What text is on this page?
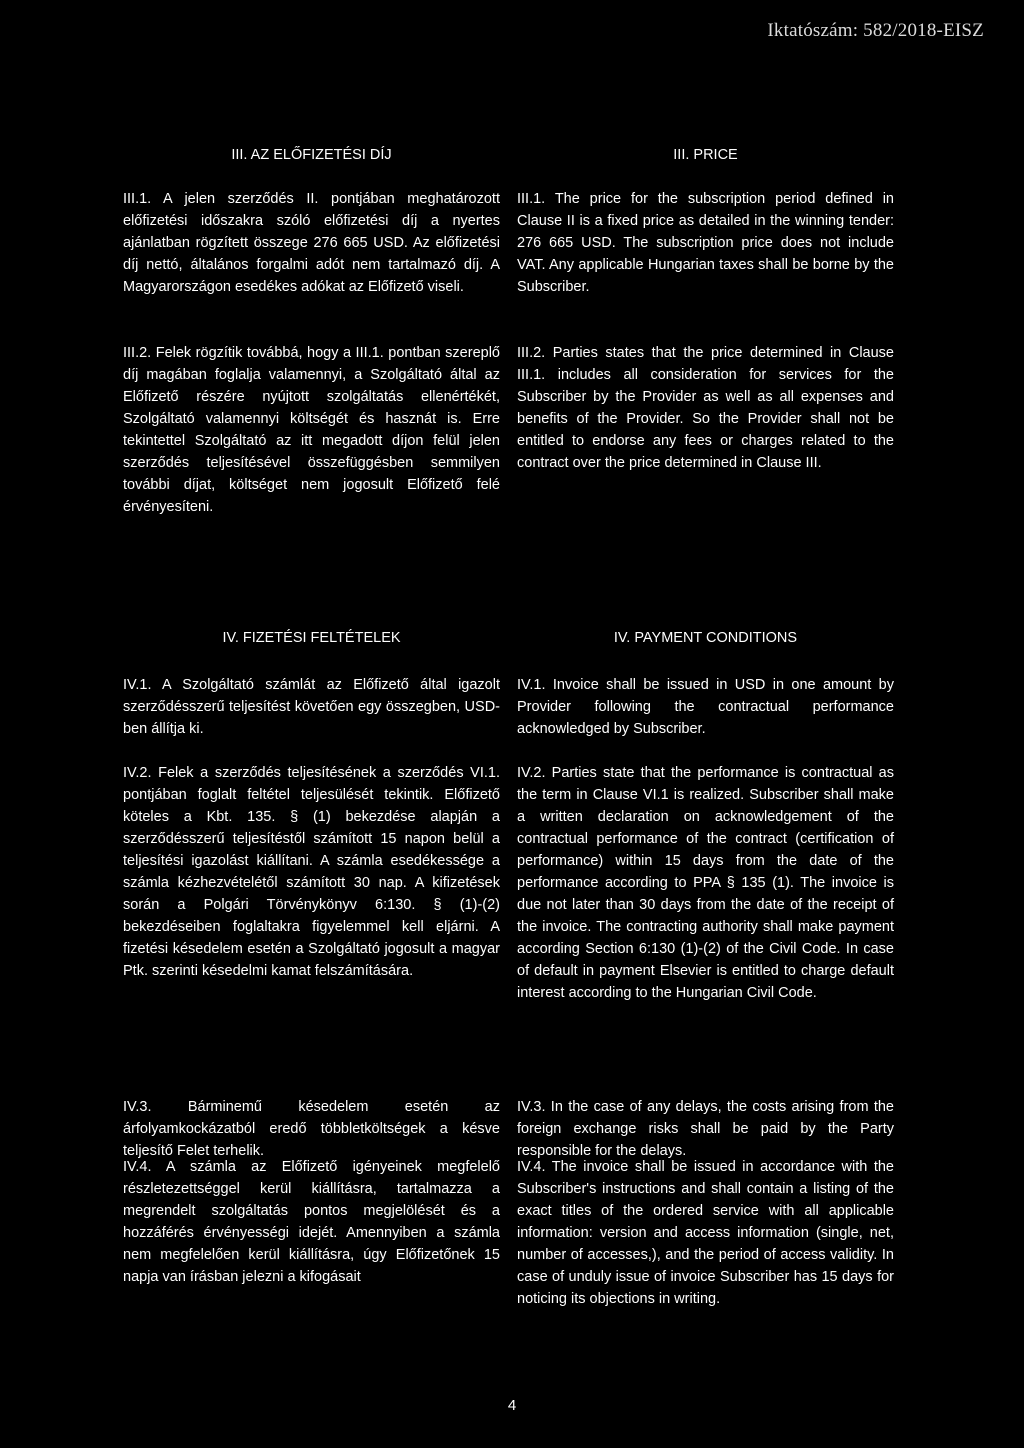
Iktatószám: 582/2018-EISZ
III. AZ ELŐFIZETÉSI DÍJ	III. PRICE
III.1. A jelen szerződés II. pontjában meghatározott előfizetési időszakra szóló előfizetési díj a nyertes ajánlatban rögzített összege 276 665 USD. Az előfizetési díj nettó, általános forgalmi adót nem tartalmazó díj. A Magyarországon esedékes adókat az Előfizető viseli.
III.1. The price for the subscription period defined in Clause II is a fixed price as detailed in the winning tender: 276 665 USD. The subscription price does not include VAT. Any applicable Hungarian taxes shall be borne by the Subscriber.
III.2. Felek rögzítik továbbá, hogy a III.1. pontban szereplő díj magában foglalja valamennyi, a Szolgáltató által az Előfizető részére nyújtott szolgáltatás ellenértékét, Szolgáltató valamennyi költségét és hasznát is. Erre tekintettel Szolgáltató az itt megadott díjon felül jelen szerződés teljesítésével összefüggésben semmilyen további díjat, költséget nem jogosult Előfizető felé érvényesíteni.
III.2. Parties states that the price determined in Clause III.1. includes all consideration for services for the Subscriber by the Provider as well as all expenses and benefits of the Provider. So the Provider shall not be entitled to endorse any fees or charges related to the contract over the price determined in Clause III.
IV. FIZETÉSI FELTÉTELEK	IV. PAYMENT CONDITIONS
IV.1. A Szolgáltató számlát az Előfizető által igazolt szerződésszerű teljesítést követően egy összegben, USD-ben állítja ki.
IV.1. Invoice shall be issued in USD in one amount by Provider following the contractual performance acknowledged by Subscriber.
IV.2. Felek a szerződés teljesítésének a szerződés VI.1. pontjában foglalt feltétel teljesülését tekintik. Előfizető köteles a Kbt. 135. § (1) bekezdése alapján a szerződésszerű teljesítéstől számított 15 napon belül a teljesítési igazolást kiállítani. A számla esedékessége a számla kézhezvételétől számított 30 nap. A kifizetések során a Polgári Törvénykönyv 6:130. § (1)-(2) bekezdéseiben foglaltakra figyelemmel kell eljárni. A fizetési késedelem esetén a Szolgáltató jogosult a magyar Ptk. szerinti késedelmi kamat felszámítására.
IV.2. Parties state that the performance is contractual as the term in Clause VI.1 is realized. Subscriber shall make a written declaration on acknowledgement of the contractual performance of the contract (certification of performance) within 15 days from the date of the performance according to PPA § 135 (1). The invoice is due not later than 30 days from the date of the receipt of the invoice. The contracting authority shall make payment according Section 6:130 (1)-(2) of the Civil Code. In case of default in payment Elsevier is entitled to charge default interest according to the Hungarian Civil Code.
IV.3. Bárminemű késedelem esetén az árfolyamkockázatból eredő többletköltségek a késve teljesítő Felet terhelik.
IV.3. In the case of any delays, the costs arising from the foreign exchange risks shall be paid by the Party responsible for the delays.
IV.4. A számla az Előfizető igényeinek megfelelő részletezettséggel kerül kiállításra, tartalmazza a megrendelt szolgáltatás pontos megjelölését és a hozzáférés érvényességi idejét. Amennyiben a számla nem megfelelően kerül kiállításra, úgy Előfizetőnek 15 napja van írásban jelezni a kifogásait
IV.4. The invoice shall be issued in accordance with the Subscriber's instructions and shall contain a listing of the exact titles of the ordered service with all applicable information: version and access information (single, net, number of accesses,), and the period of access validity. In case of unduly issue of invoice Subscriber has 15 days for noticing its objections in writing.
4
